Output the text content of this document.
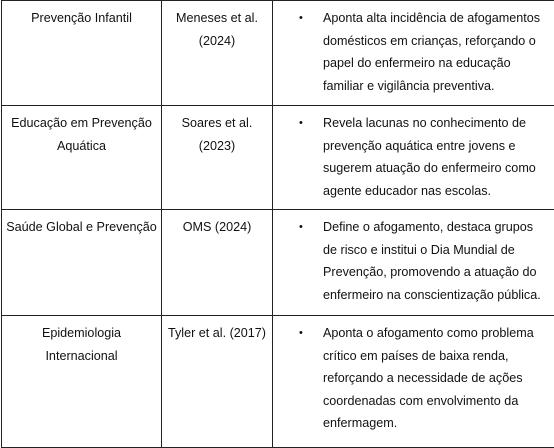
Prevenção Infantil	Meneses et al. (2024)	• Aponta alta incidência de afogamentos domésticos em crianças, reforçando o papel do enfermeiro na educação familiar e vigilância preventiva.

Educação em Prevenção Aquática	Soares et al. (2023)	• Revela lacunas no conhecimento de prevenção aquática entre jovens e sugerem atuação do enfermeiro como agente educador nas escolas.

Saúde Global e Prevenção	OMS (2024)	• Define o afogamento, destaca grupos de risco e institui o Dia Mundial de Prevenção, promovendo a atuação do enfermeiro na conscientização pública.

Epidemiologia Internacional	Tyler et al. (2017)	• Aponta o afogamento como problema crítico em países de baixa renda, reforçando a necessidade de ações coordenadas com envolvimento da enfermagem.
